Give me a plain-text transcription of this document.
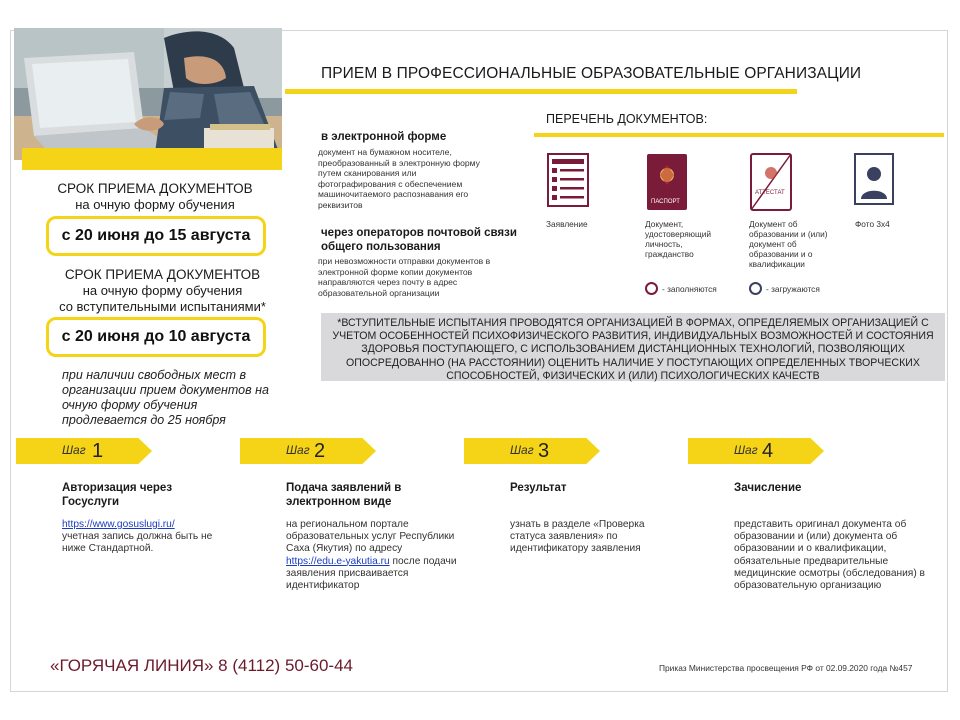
ПРИЕМ В ПРОФЕССИОНАЛЬНЫЕ ОБРАЗОВАТЕЛЬНЫЕ ОРГАНИЗАЦИИ
СРОК ПРИЕМА ДОКУМЕНТОВ
на очную форму обучения
с 20 июня до 15 августа
СРОК ПРИЕМА ДОКУМЕНТОВ
на очную форму обучения
со вступительными испытаниями*
с 20 июня до 10 августа
при наличии свободных мест в организации прием документов на очную форму обучения продлевается до 25 ноября
в электронной форме
документ на бумажном носителе, преобразованный в электронную форму путем сканирования или фотографирования с обеспечением машиночитаемого распознавания его реквизитов
через операторов почтовой связи общего пользования
при невозможности отправки документов в электронной форме копии документов направляются через почту в адрес образовательной организации
ПЕРЕЧЕНЬ ДОКУМЕНТОВ:
Заявление
ПАСПОРТ
Документ, удостоверяющий личность, гражданство
АТТЕСТАТ
Документ об образовании и (или) документ об образовании и о квалификации
Фото 3х4
- заполняются	- загружаются
*ВСТУПИТЕЛЬНЫЕ ИСПЫТАНИЯ ПРОВОДЯТСЯ ОРГАНИЗАЦИЕЙ В ФОРМАХ, ОПРЕДЕЛЯЕМЫХ ОРГАНИЗАЦИЕЙ С УЧЕТОМ ОСОБЕННОСТЕЙ ПСИХОФИЗИЧЕСКОГО РАЗВИТИЯ, ИНДИВИДУАЛЬНЫХ ВОЗМОЖНОСТЕЙ И СОСТОЯНИЯ ЗДОРОВЬЯ ПОСТУПАЮЩЕГО, С ИСПОЛЬЗОВАНИЕМ ДИСТАНЦИОННЫХ ТЕХНОЛОГИЙ, ПОЗВОЛЯЮЩИХ ОПОСРЕДОВАННО (НА РАССТОЯНИИ) ОЦЕНИТЬ НАЛИЧИЕ У ПОСТУПАЮЩИХ ОПРЕДЕЛЕННЫХ ТВОРЧЕСКИХ СПОСОБНОСТЕЙ, ФИЗИЧЕСКИХ И (ИЛИ) ПСИХОЛОГИЧЕСКИХ КАЧЕСТВ
Шаг 1
Авторизация через Госуслуги
https://www.gosuslugi.ru/
учетная запись должна быть не ниже Стандартной.
Шаг 2
Подача заявлений в электронном виде
на региональном портале образовательных услуг Республики Саха (Якутия) по адресу https://edu.e-yakutia.ru после подачи заявления присваивается идентификатор
Шаг 3
Результат
узнать в разделе «Проверка статуса заявления» по идентификатору заявления
Шаг 4
Зачисление
представить оригинал документа об образовании и (или) документа об образовании и о квалификации, обязательные предварительные медицинские осмотры (обследования) в образовательную организацию
«ГОРЯЧАЯ ЛИНИЯ» 8 (4112) 50-60-44	Приказ Министерства просвещения РФ от 02.09.2020 года №457
